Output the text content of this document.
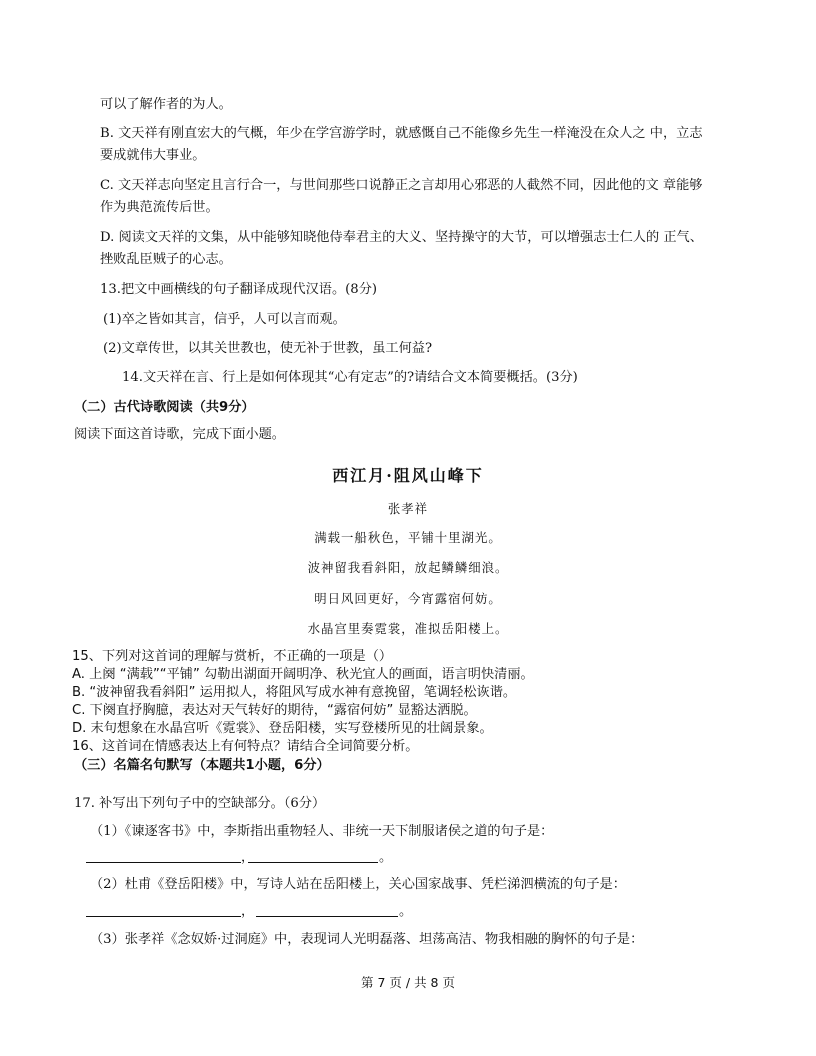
可以了解作者的为人。
B. 文天祥有刚直宏大的气概，年少在学宫游学时，就感慨自己不能像乡先生一样淹没在众人之 中，立志
要成就伟大事业。
C. 文天祥志向坚定且言行合一，与世间那些口说静正之言却用心邪恶的人截然不同，因此他的文 章能够
作为典范流传后世。
D. 阅读文天祥的文集，从中能够知晓他侍奉君主的大义、坚持操守的大节，可以增强志士仁人的 正气、
挫败乱臣贼子的心志。
13.把文中画横线的句子翻译成现代汉语。(8分)
(1)卒之皆如其言，信乎，人可以言而观。
(2)文章传世，以其关世教也，使无补于世教，虽工何益?
14.文天祥在言、行上是如何体现其“心有定志”的?请结合文本简要概括。(3分)
（二）古代诗歌阅读（共9分）
阅读下面这首诗歌，完成下面小题。
西江月·阻风山峰下
张孝祥
满载一船秋色，平铺十里湖光。
波神留我看斜阳，放起鳞鳞细浪。
明日风回更好，今宵露宿何妨。
水晶宫里奏霓裳，准拟岳阳楼上。
15、下列对这首词的理解与赏析，不正确的一项是（）
A. 上阕 “满载”“平铺” 勾勒出湖面开阔明净、秋光宜人的画面，语言明快清丽。
B. “波神留我看斜阳” 运用拟人，将阻风写成水神有意挽留，笔调轻松诙谐。
C. 下阕直抒胸臆，表达对天气转好的期待，“露宿何妨” 显豁达洒脱。
D. 末句想象在水晶宫听《霓裳》、登岳阳楼，实写登楼所见的壮阔景象。
16、这首词在情感表达上有何特点？请结合全词简要分析。
（三）名篇名句默写（本题共1小题，6分）
17. 补写出下列句子中的空缺部分。（6分）
（1）《谏逐客书》中，李斯指出重物轻人、非统一天下制服诸侯之道的句子是：
，	。
（2）杜甫《登岳阳楼》中，写诗人站在岳阳楼上，关心国家战事、凭栏涕泗横流的句子是：
，	。
（3）张孝祥《念奴娇·过洞庭》中，表现词人光明磊落、坦荡高洁、物我相融的胸怀的句子是：
第 7 页 / 共 8 页
